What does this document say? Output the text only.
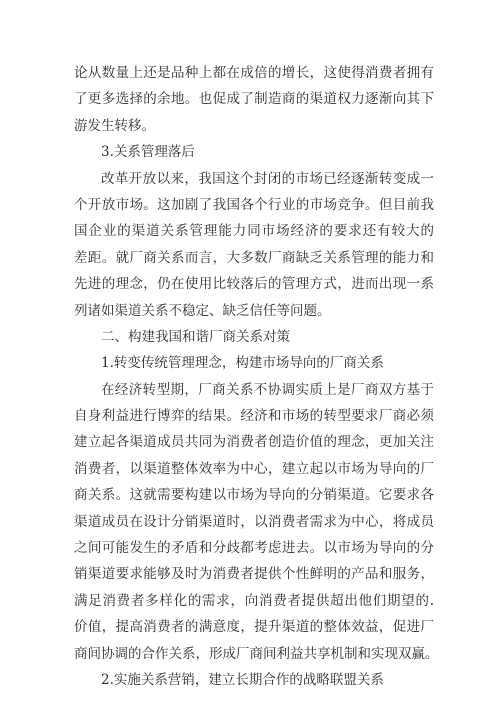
论从数量上还是品种上都在成倍的增长，这使得消费者拥有
了更多选择的余地。也促成了制造商的渠道权力逐渐向其下
游发生转移。
3.关系管理落后
改革开放以来，我国这个封闭的市场已经逐渐转变成一
个开放市场。这加剧了我国各个行业的市场竞争。但目前我
国企业的渠道关系管理能力同市场经济的要求还有较大的
差距。就厂商关系而言，大多数厂商缺乏关系管理的能力和
先进的理念，仍在使用比较落后的管理方式，进而出现一系
列诸如渠道关系不稳定、缺乏信任等问题。
二、构建我国和谐厂商关系对策
1.转变传统管理理念，构建市场导向的厂商关系
在经济转型期，厂商关系不协调实质上是厂商双方基于
自身利益进行博弈的结果。经济和市场的转型要求厂商必须
建立起各渠道成员共同为消费者创造价值的理念，更加关注
消费者，以渠道整体效率为中心，建立起以市场为导向的厂
商关系。这就需要构建以市场为导向的分销渠道。它要求各
渠道成员在设计分销渠道时，以消费者需求为中心，将成员
之间可能发生的矛盾和分歧都考虑进去。以市场为导向的分
销渠道要求能够及时为消费者提供个性鲜明的产品和服务，
满足消费者多样化的需求，向消费者提供超出他们期望的.
价值，提高消费者的满意度，提升渠道的整体效益，促进厂
商间协调的合作关系，形成厂商间利益共享机制和实现双赢。
2.实施关系营销，建立长期合作的战略联盟关系
